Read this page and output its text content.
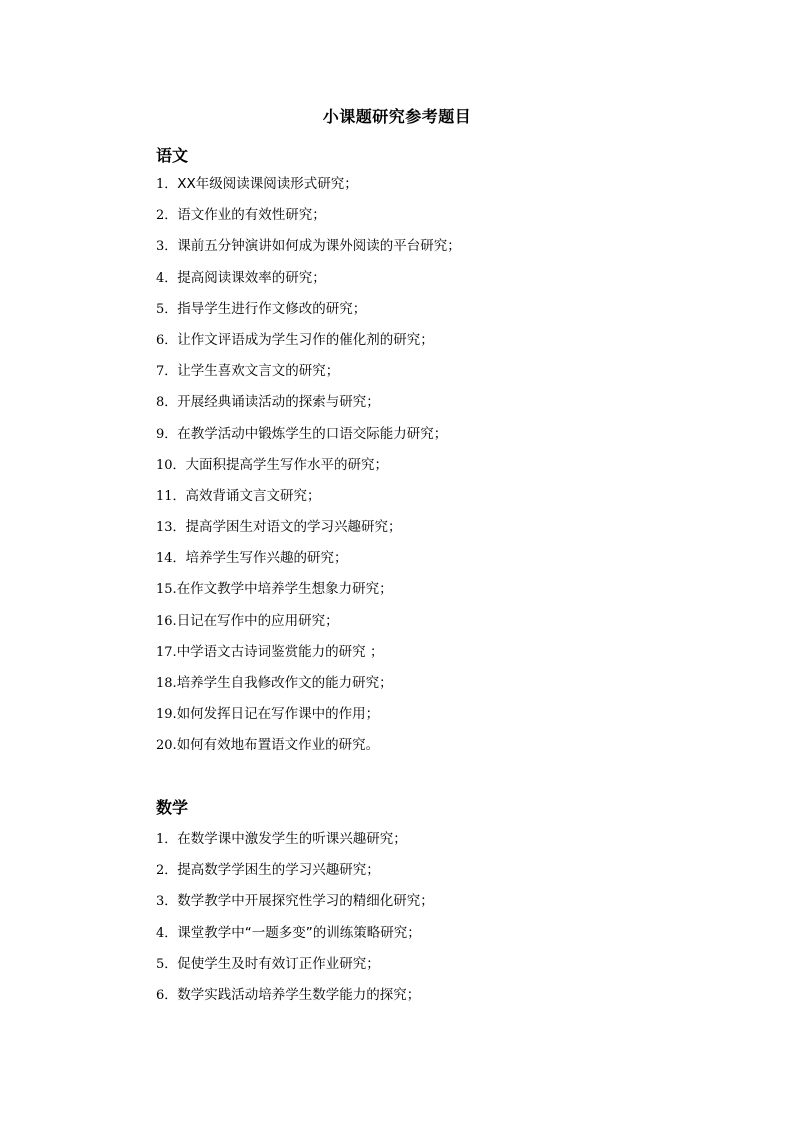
小课题研究参考题目
语文
1． XX年级阅读课阅读形式研究；
2． 语文作业的有效性研究；
3． 课前五分钟演讲如何成为课外阅读的平台研究；
4． 提高阅读课效率的研究；
5． 指导学生进行作文修改的研究；
6． 让作文评语成为学生习作的催化剂的研究；
7． 让学生喜欢文言文的研究；
8． 开展经典诵读活动的探索与研究；
9． 在教学活动中锻炼学生的口语交际能力研究；
10． 大面积提高学生写作水平的研究；
11． 高效背诵文言文研究；
13． 提高学困生对语文的学习兴趣研究；
14． 培养学生写作兴趣的研究；
15. 在作文教学中培养学生想象力研究；
16. 日记在写作中的应用研究；
17. 中学语文古诗词鉴赏能力的研究 ；
18. 培养学生自我修改作文的能力研究；
19. 如何发挥日记在写作课中的作用；
20. 如何有效地布置语文作业的研究。
数学
1． 在数学课中激发学生的听课兴趣研究；
2． 提高数学学困生的学习兴趣研究；
3． 数学教学中开展探究性学习的精细化研究；
4． 课堂教学中“一题多变”的训练策略研究；
5． 促使学生及时有效订正作业研究；
6． 数学实践活动培养学生数学能力的探究；
